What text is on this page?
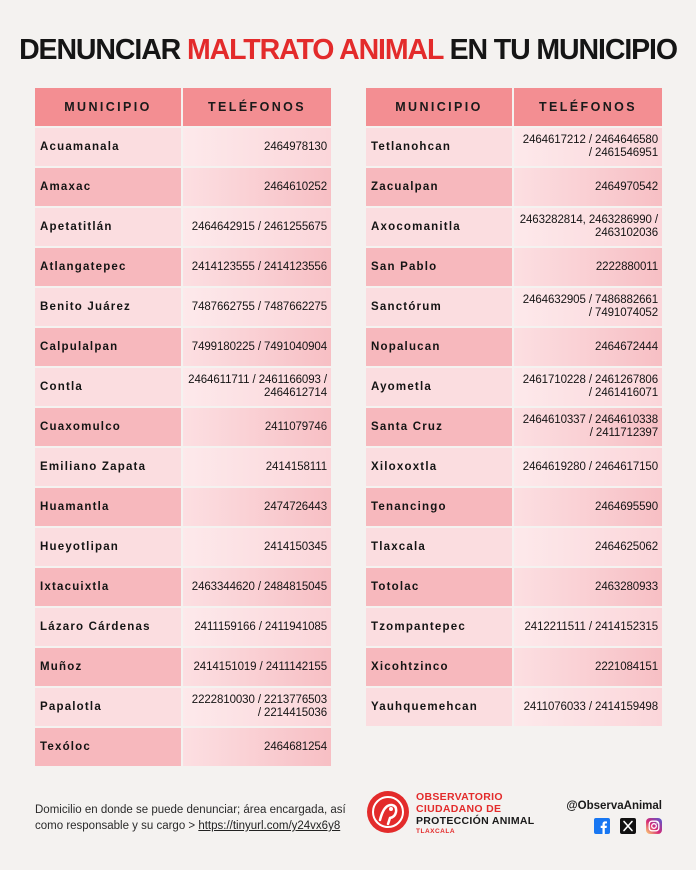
DENUNCIAR MALTRATO ANIMAL EN TU MUNICIPIO
MUNICIPIO	TELÉFONOS
Acuamanala	2464978130
Amaxac	2464610252
Apetatitlán	2464642915 / 2461255675
Atlangatepec	2414123555 / 2414123556
Benito Juárez	7487662755 / 7487662275
Calpulalpan	7499180225 / 7491040904
Contla	2464611711 / 2461166093 / 2464612714
Cuaxomulco	2411079746
Emiliano Zapata	2414158111
Huamantla	2474726443
Hueyotlipan	2414150345
Ixtacuixtla	2463344620 / 2484815045
Lázaro Cárdenas	2411159166 / 2411941085
Muñoz	2414151019 / 2411142155
Papalotla	2222810030 / 2213776503 / 2214415036
Texóloc	2464681254
MUNICIPIO	TELÉFONOS
Tetlanohcan	2464617212 / 2464646580 / 2461546951
Zacualpan	2464970542
Axocomanitla	2463282814, 2463286990 / 2463102036
San Pablo	2222880011
Sanctórum	2464632905 / 7486882661 / 7491074052
Nopalucan	2464672444
Ayometla	2461710228 / 2461267806 / 2461416071
Santa Cruz	2464610337 / 2464610338 / 2411712397
Xiloxoxtla	2464619280 / 2464617150
Tenancingo	2464695590
Tlaxcala	2464625062
Totolac	2463280933
Tzompantepec	2412211511 / 2414152315
Xicohtzinco	2221084151
Yauhquemehcan	2411076033 / 2414159498
Domicilio en donde se puede denunciar; área encargada, así como responsable y su cargo > https://tinyurl.com/y24vx6y8
OBSERVATORIO
CIUDADANO DE
PROTECCIÓN ANIMAL
TLAXCALA
@ObservaAnimal
